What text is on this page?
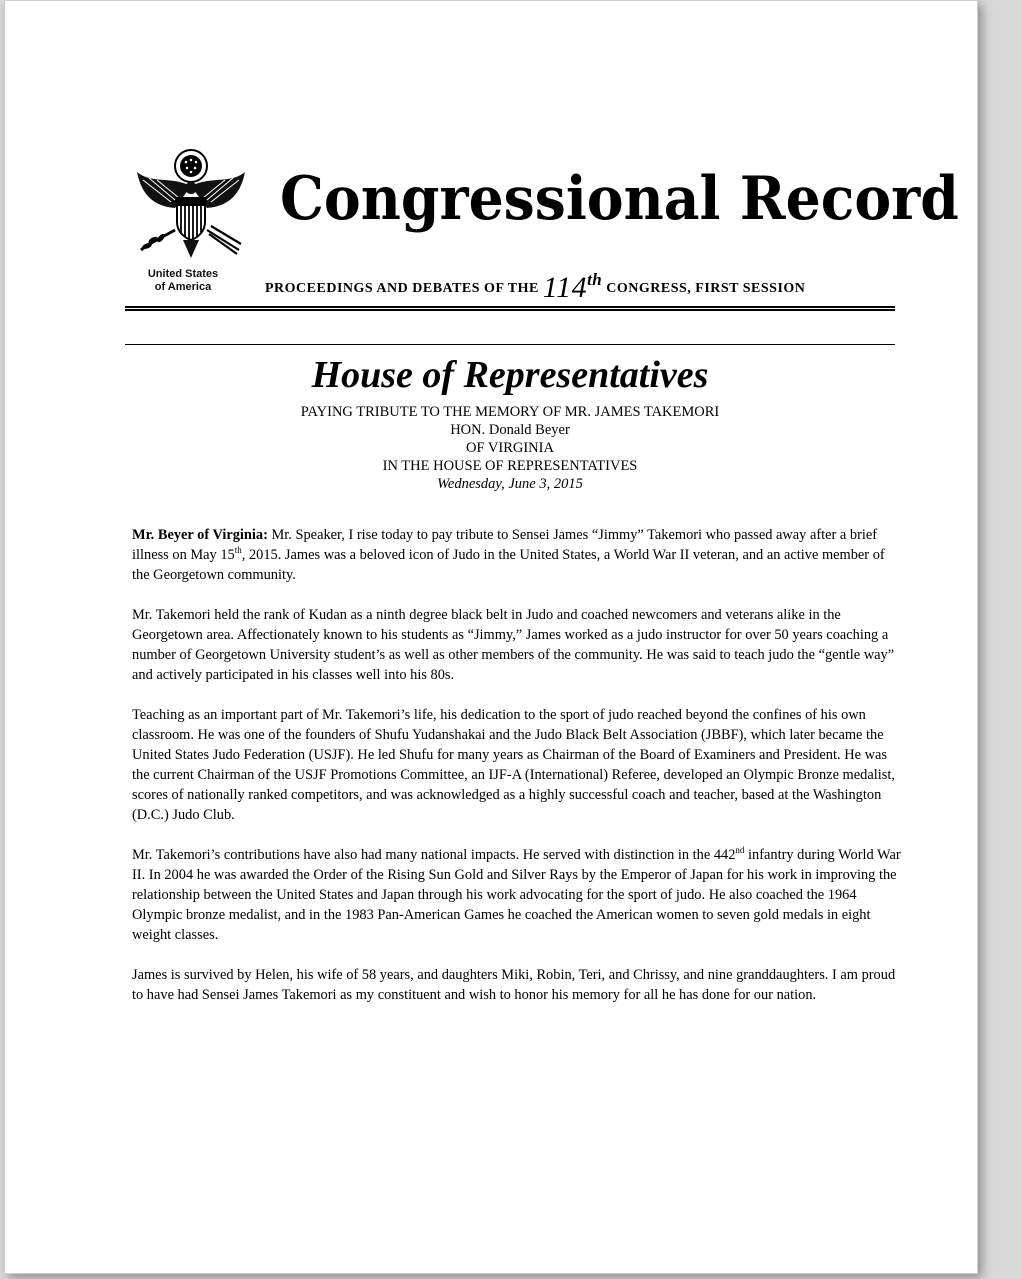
United States
of America
Congressional Record
PROCEEDINGS AND DEBATES OF THE 114th CONGRESS, FIRST SESSION
House of Representatives
PAYING TRIBUTE TO THE MEMORY OF MR. JAMES TAKEMORI
HON. Donald Beyer
OF VIRGINIA
IN THE HOUSE OF REPRESENTATIVES
Wednesday, June 3, 2015

Mr. Beyer of Virginia: Mr. Speaker, I rise today to pay tribute to Sensei James “Jimmy” Takemori who passed away after a brief illness on May 15th, 2015. James was a beloved icon of Judo in the United States, a World War II veteran, and an active member of the Georgetown community.

Mr. Takemori held the rank of Kudan as a ninth degree black belt in Judo and coached newcomers and veterans alike in the Georgetown area. Affectionately known to his students as “Jimmy,” James worked as a judo instructor for over 50 years coaching a number of Georgetown University student’s as well as other members of the community. He was said to teach judo the “gentle way” and actively participated in his classes well into his 80s.

Teaching as an important part of Mr. Takemori’s life, his dedication to the sport of judo reached beyond the confines of his own classroom. He was one of the founders of Shufu Yudanshakai and the Judo Black Belt Association (JBBF), which later became the United States Judo Federation (USJF). He led Shufu for many years as Chairman of the Board of Examiners and President. He was the current Chairman of the USJF Promotions Committee, an IJF-A (International) Referee, developed an Olympic Bronze medalist, scores of nationally ranked competitors, and was acknowledged as a highly successful coach and teacher, based at the Washington (D.C.) Judo Club.

Mr. Takemori’s contributions have also had many national impacts. He served with distinction in the 442nd infantry during World War II. In 2004 he was awarded the Order of the Rising Sun Gold and Silver Rays by the Emperor of Japan for his work in improving the relationship between the United States and Japan through his work advocating for the sport of judo. He also coached the 1964 Olympic bronze medalist, and in the 1983 Pan-American Games he coached the American women to seven gold medals in eight weight classes.

James is survived by Helen, his wife of 58 years, and daughters Miki, Robin, Teri, and Chrissy, and nine granddaughters. I am proud to have had Sensei James Takemori as my constituent and wish to honor his memory for all he has done for our nation.
